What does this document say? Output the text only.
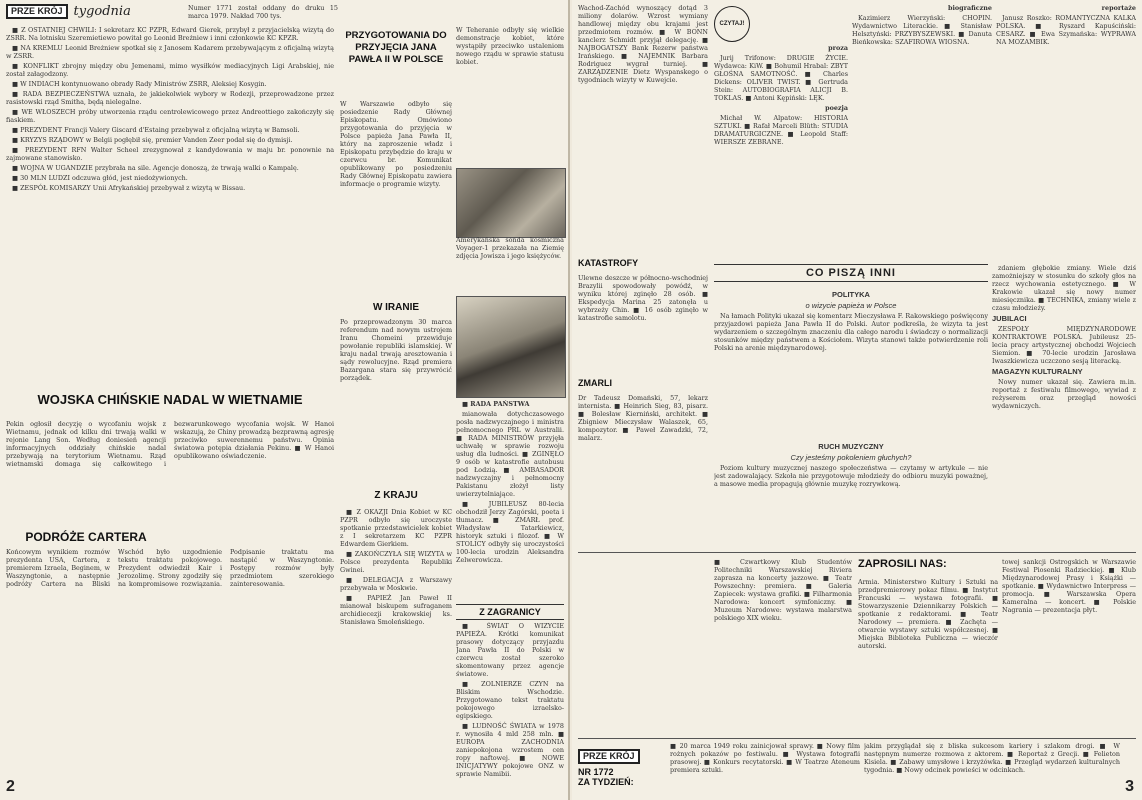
PRZE KRÓJ tygodnia	Numer 1771 został oddany do druku 15 marca 1979. Nakład 700 tys.

■ Z OSTATNIEJ CHWILI: I sekretarz KC PZPR, Edward Gierek, przybył z przyjacielską wizytą do ZSRR. Na lotnisku Szeremietiewo powitał go Leonid Breżniew i inni członkowie KC KPZR.

■ NA KREMLU Leonid Breżniew spotkał się z Janosem Kadarem przebywającym z oficjalną wizytą w ZSRR.

■ KONFLIKT zbrojny między obu Jemenami, mimo wysiłków mediacyjnych Ligi Arabskiej, nie został załagodzony.

■ W INDIACH kontynuowano obrady Rady Ministrów ZSRR, Aleksiej Kosygin.

■ RADA BEZPIECZEŃSTWA uznała, że jakiekolwiek wybory w Rodezji, przeprowadzone przez rasistowski rząd Smitha, będą nielegalne.

■ WE WŁOSZECH próby utworzenia rządu centrolewicowego przez Andreottiego zakończyły się fiaskiem.

■ PREZYDENT Francji Valery Giscard d'Estaing przebywał z oficjalną wizytą w Bamsoli.

■ KRYZYS RZĄDOWY w Belgii pogłębił się, premier Vanden Zeer podał się do dymisji.

■ PREZYDENT RFN Walter Scheel zrezygnował z kandydowania w maju br. ponownie na zajmowane stanowisko.

■ WOJNA W UGANDZIE przybrała na sile. Agencje donoszą, że trwają walki o Kampalę.

■ 30 MLN LUDZI odczuwa głód, jest niedożywionych.

■ ZESPÓŁ KOMISARZY Unii Afrykańskiej przebywał z wizytą w Bissau.

WOJSKA CHIŃSKIE NADAL W WIETNAMIE
Pekin ogłosił decyzję o wycofaniu wojsk z Wietnamu, jednak od kilku dni trwają walki w rejonie Lang Son. Według doniesień agencji informacyjnych oddziały chińskie nadal przebywają na terytorium Wietnamu. Rząd wietnamski domaga się całkowitego i bezwarunkowego wycofania wojsk. W Hanoi wskazują, że Chiny prowadzą bezprawną agresję przeciwko suwerennemu państwu. Opinia światowa potępia działania Pekinu. ■ W Hanoi opublikowano oświadczenie.
PODRÓŻE CARTERA
Końcowym wynikiem rozmów prezydenta USA, Cartera, z premierem Izraela, Beginem, w Waszyngtonie, a następnie podróży Cartera na Bliski Wschód było uzgodnienie tekstu traktatu pokojowego. Prezydent odwiedził Kair i Jerozolimę. Strony zgodziły się na kompromisowe rozwiązania. Podpisanie traktatu ma nastąpić w Waszyngtonie. Postępy rozmów były przedmiotem szerokiego zainteresowania.
PRZYGOTOWANIA DO PRZYJĘCIA JANA PAWŁA II W POLSCE
W Warszawie odbyło się posiedzenie Rady Głównej Episkopatu. Omówiono przygotowania do przyjęcia w Polsce papieża Jana Pawła II, który na zaproszenie władz i Episkopatu przybędzie do kraju w czerwcu br. Komunikat opublikowany po posiedzeniu Rady Głównej Episkopatu zawiera informacje o programie wizyty.
W Teheranie odbyły się wielkie demonstracje kobiet, które wystąpiły przeciwko ustaleniom nowego rządu w sprawie statusu kobiet.
Amerykańska sonda kosmiczna Voyager-1 przekazała na Ziemię zdjęcia Jowisza i jego księżyców.
W IRANIE
Po przeprowadzonym 30 marca referendum nad nowym ustrojem Iranu Chomeini przewiduje powołanie republiki islamskiej. W kraju nadal trwają aresztowania i sądy rewolucyjne. Rząd premiera Bazargana stara się przywrócić porządek.
Z KRAJU

■ Z OKAZJI Dnia Kobiet w KC PZPR odbyło się uroczyste spotkanie przedstawicielek kobiet z I sekretarzem KC PZPR Edwardem Gierkiem.

■ ZAKOŃCZYŁA SIĘ WIZYTA w Polsce prezydenta Republiki Gwinei.

■ DELEGACJA z Warszawy przebywała w Moskwie.

■ PAPIEŻ Jan Paweł II mianował biskupem sufraganem archidiecezji krakowskiej ks. Stanisława Smoleńskiego.

■ RADA PAŃSTWA

mianowała dotychczasowego posła nadzwyczajnego i ministra pełnomocnego PRL w Australii. ■ RADA MINISTRÓW przyjęła uchwałę w sprawie rozwoju usług dla ludności. ■ ZGINĘŁO 9 osób w katastrofie autobusu pod Łodzią. ■ AMBASADOR nadzwyczajny i pełnomocny Pakistanu złożył listy uwierzytelniające.

■ JUBILEUSZ 80-lecia obchodził Jerzy Zagórski, poeta i tłumacz. ■ ZMARŁ prof. Władysław Tatarkiewicz, historyk sztuki i filozof. ■ W STOLICY odbyły się uroczystości 100-lecia urodzin Aleksandra Zelwerowicza.

Z ZAGRANICY

■ ŚWIAT O WIZYCIE PAPIEŻA. Krótki komunikat prasowy dotyczący przyjazdu Jana Pawła II do Polski w czerwcu został szeroko skomentowany przez agencje światowe.

■ ZOLNIERZE CZYN na Bliskim Wschodzie. Przygotowano tekst traktatu pokojowego izraelsko-egipskiego.

■ LUDNOŚĆ ŚWIATA w 1978 r. wynosiła 4 mld 258 mln. ■ EUROPA ZACHODNIA zaniepokojona wzrostem cen ropy naftowej. ■ NOWE INICJATYWY pokojowe ONZ w sprawie Namibii.

2
Wachod-Zachód wynoszący dotąd 3 miliony dolarów. Wzrost wymiany handlowej między obu krajami jest przedmiotem rozmów. ■ W BONN kanclerz Schmidt przyjął delegację. ■ NAJBOGATSZY Bank Rezerw państwa Irańskiego. ■ NAJEMNIK Barbara Rodriguez wygrał turniej. ■ ZARZĄDZENIE Dietz Wyspanskego o tygodniach wizyty w Kuwejcie.
KATASTROFY
Ulewne deszcze w północno-wschodniej Brazylii spowodowały powódź, w wyniku której zginęło 28 osób. ■ Ekspedycja Marina 25 zatonęła u wybrzeży Chin. ■ 16 osób zginęło w katastrofie samolotu.
ZMARLI
Dr Tadeusz Domański, 57, lekarz internista. ■ Heinrich Sieg, 83, pisarz. ■ Bolesław Kierniński, architekt. ■ Zbigniew Mieczysław Walaszek, 65, kompozytor. ■ Paweł Zawadzki, 72, malarz.
CZYTAJ!

proza

Jurij Trifonow: DRUGIE ŻYCIE. Wydawca: KiW. ■ Bohumil Hrabal: ZBYT GŁOŚNA SAMOTNOŚĆ. ■ Charles Dickens: OLIVER TWIST. ■ Gertruda Stein: AUTOBIOGRAFIA ALICJI B. TOKLAS. ■ Antoni Kępiński: LĘK.

poezja

Michał W. Alpatow: HISTORIA SZTUKI. ■ Rafał Marceli Blüth: STUDIA DRAMATURGICZNE. ■ Leopold Staff: WIERSZE ZEBRANE.

biograficzne

Kazimierz Wierzyński: CHOPIN. Wydawnictwo Literackie. ■ Stanisław Helsztyński: PRZYBYSZEWSKI. ■ Danuta Bieńkowska: SZAFIROWA WIOSNA.

reportaże

Janusz Roszko: ROMANTYCZNA KALKA POLSKA. ■ Ryszard Kapuściński: CESARZ. ■ Ewa Szymańska: WYPRAWA NA MOZAMBIK.

CO PISZĄ INNI
POLITYKA
o wizycie papieża w Polsce

Na łamach Polityki ukazał się komentarz Mieczysława F. Rakowskiego poświęcony przyjazdowi papieża Jana Pawła II do Polski. Autor podkreśla, że wizyta ta jest wydarzeniem o szczególnym znaczeniu dla całego narodu i świadczy o normalizacji stosunków między państwem a Kościołem. Wizyta stanowi także potwierdzenie roli Polski na arenie międzynarodowej.

RUCH MUZYCZNY
Czy jesteśmy pokoleniem głuchych?

Poziom kultury muzycznej naszego społeczeństwa — czytamy w artykule — nie jest zadowalający. Szkoła nie przygotowuje młodzieży do odbioru muzyki poważnej, a masowe media propagują głównie muzykę rozrywkową.

zdaniem głębokie zmiany. Wiele dziś zamożniejszy w stosunku do szkoły głos na rzecz wychowania estetycznego. ■ W Krakowie ukazał się nowy numer miesięcznika. ■ TECHNIKA, zmiany wiele z czasu młodzieży.

JUBILACI

ZESPOŁY MIĘDZYNARODOWE KONTRAKTOWE POLSKA. Jubileusz 25-lecia pracy artystycznej obchodzi Wojciech Siemion. ■ 70-lecie urodzin Jarosława Iwaszkiewicza uczczono sesją literacką.

MAGAZYN KULTURALNY

Nowy numer ukazał się. Zawiera m.in. reportaż z festiwalu filmowego, wywiad z reżyserem oraz przegląd nowości wydawniczych.

■ Czwartkowy Klub Studentów Politechniki Warszawskiej Riviera zaprasza na koncerty jazzowe. ■ Teatr Powszechny: premiera. ■ Galeria Zapiecek: wystawa grafiki. ■ Filharmonia Narodowa: koncert symfoniczny. ■ Muzeum Narodowe: wystawa malarstwa polskiego XIX wieku.
ZAPROSILI NAS:
Armia. Ministerstwo Kultury i Sztuki na przedpremierowy pokaz filmu. ■ Instytut Francuski — wystawa fotografii. ■ Stowarzyszenie Dziennikarzy Polskich — spotkanie z redaktorami. ■ Teatr Narodowy — premiera. ■ Zachęta — otwarcie wystawy sztuki współczesnej. ■ Miejska Biblioteka Publiczna — wieczór autorski.
towej sankcji Ostrogskich w Warszawie Festiwal Piosenki Radzieckiej. ■ Klub Międzynarodowej Prasy i Książki — spotkanie. ■ Wydawnictwo Interpress — promocja. ■ Warszawska Opera Kameralna — koncert. ■ Polskie Nagrania — prezentacja płyt.
PRZE KRÓJ
NR 1772
ZA TYDZIEŃ:
■ 20 marca 1949 roku zainicjował sprawy. ■ Nowy film rożnych pokazów po festiwalu. ■ Wystawa fotografii prasowej. ■ Konkurs recytatorski. ■ W Teatrze Ateneum premiera sztuki.
jakim przyglądał się z bliska sukcesom kariery i szlakom drogi. ■ W następnym numerze rozmowa z aktorem. ■ Reportaż z Grecji. ■ Felieton Kisiela. ■ Zabawy umysłowe i krzyżówka. ■ Przegląd wydarzeń kulturalnych tygodnia. ■ Nowy odcinek powieści w odcinkach.
3
